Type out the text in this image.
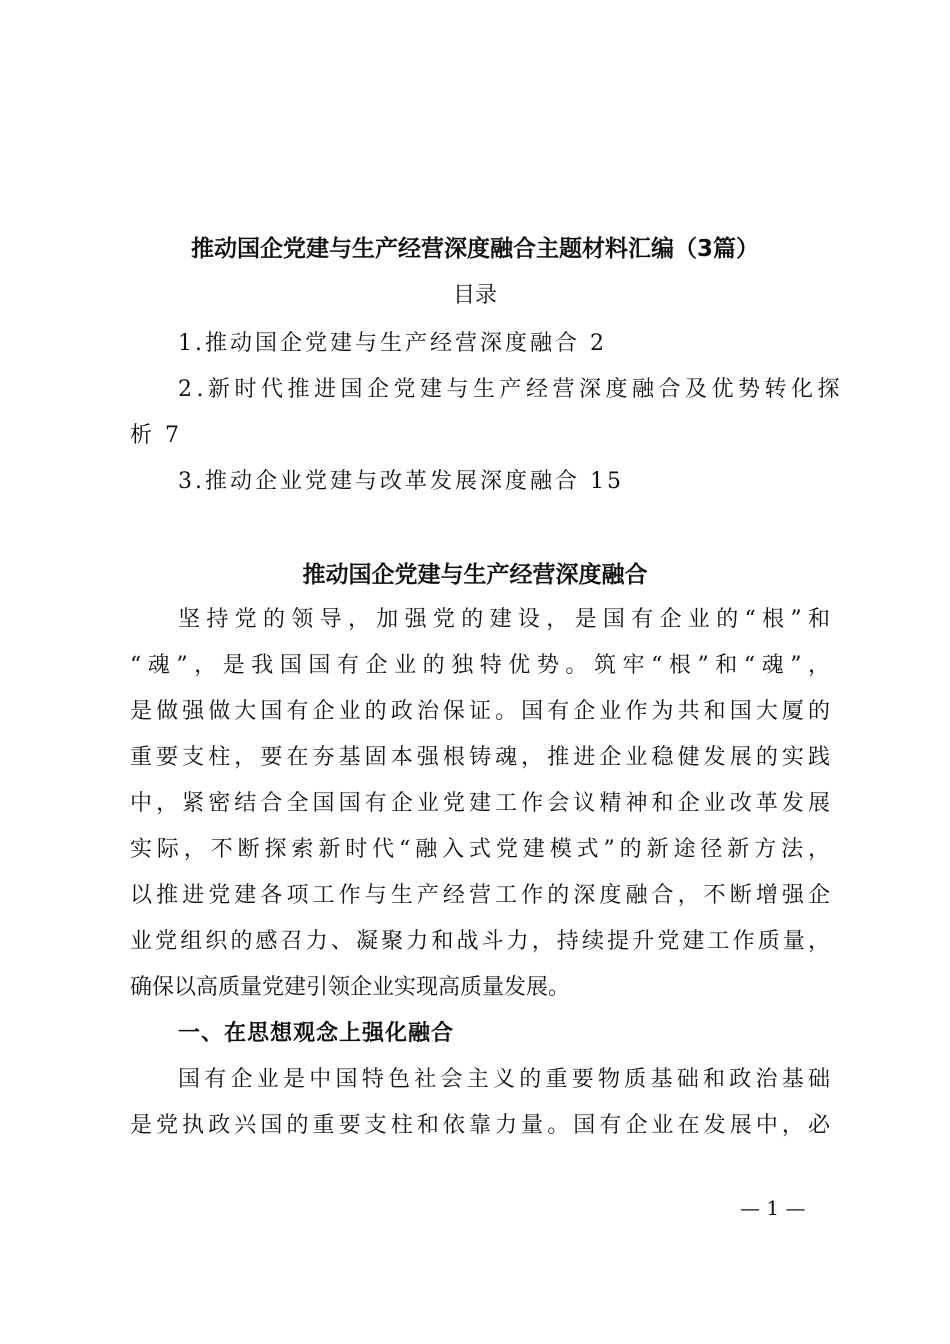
推动国企党建与生产经营深度融合主题材料汇编（3篇）
目录
1.推动国企党建与生产经营深度融合 2
2.新时代推进国企党建与生产经营深度融合及优势转化探
析 7
3.推动企业党建与改革发展深度融合 15
推动国企党建与生产经营深度融合
坚持党的领导，加强党的建设，是国有企业的“根”和
“魂”，是我国国有企业的独特优势。筑牢“根”和“魂”，
是做强做大国有企业的政治保证。国有企业作为共和国大厦的
重要支柱，要在夯基固本强根铸魂，推进企业稳健发展的实践
中，紧密结合全国国有企业党建工作会议精神和企业改革发展
实际，不断探索新时代“融入式党建模式”的新途径新方法，
以推进党建各项工作与生产经营工作的深度融合，不断增强企
业党组织的感召力、凝聚力和战斗力，持续提升党建工作质量，
确保以高质量党建引领企业实现高质量发展。
一、在思想观念上强化融合
国有企业是中国特色社会主义的重要物质基础和政治基础
是党执政兴国的重要支柱和依靠力量。国有企业在发展中，必
— 1 —
